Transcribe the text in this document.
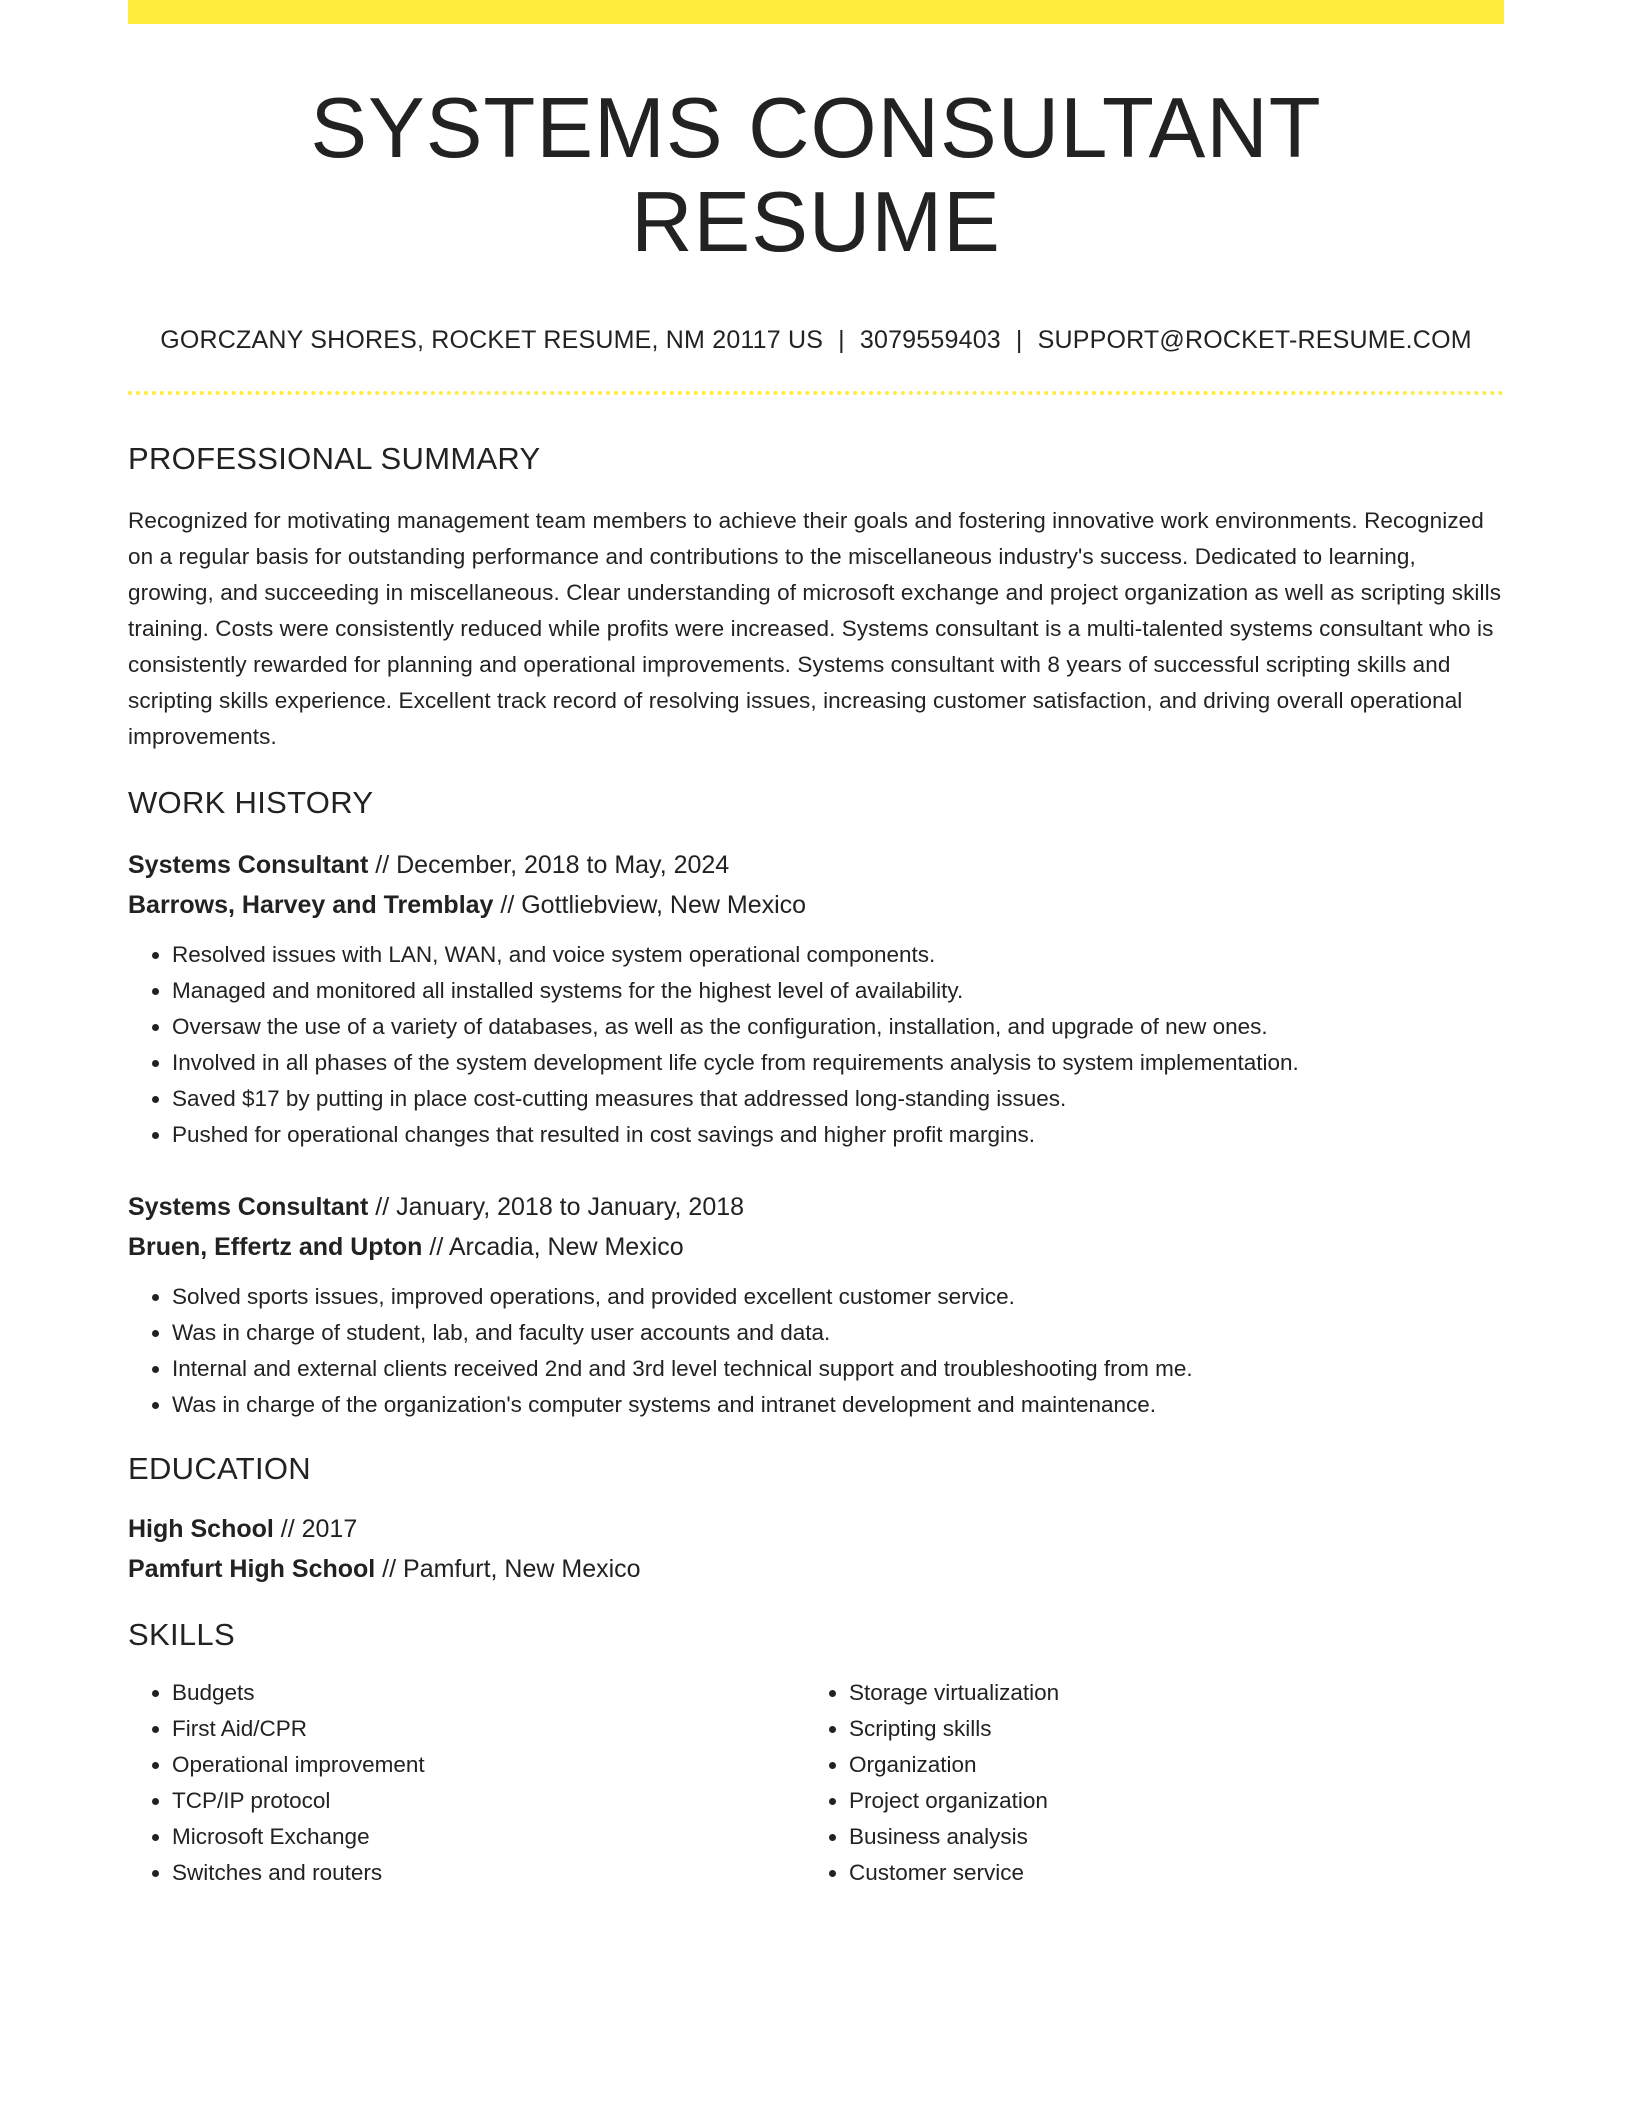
SYSTEMS CONSULTANT RESUME
GORCZANY SHORES, ROCKET RESUME, NM 20117 US | 3079559403 | SUPPORT@ROCKET-RESUME.COM
PROFESSIONAL SUMMARY
Recognized for motivating management team members to achieve their goals and fostering innovative work environments. Recognized on a regular basis for outstanding performance and contributions to the miscellaneous industry's success. Dedicated to learning, growing, and succeeding in miscellaneous. Clear understanding of microsoft exchange and project organization as well as scripting skills training. Costs were consistently reduced while profits were increased. Systems consultant is a multi-talented systems consultant who is consistently rewarded for planning and operational improvements. Systems consultant with 8 years of successful scripting skills and scripting skills experience. Excellent track record of resolving issues, increasing customer satisfaction, and driving overall operational improvements.
WORK HISTORY
Systems Consultant // December, 2018 to May, 2024
Barrows, Harvey and Tremblay // Gottliebview, New Mexico
• Resolved issues with LAN, WAN, and voice system operational components.
• Managed and monitored all installed systems for the highest level of availability.
• Oversaw the use of a variety of databases, as well as the configuration, installation, and upgrade of new ones.
• Involved in all phases of the system development life cycle from requirements analysis to system implementation.
• Saved $17 by putting in place cost-cutting measures that addressed long-standing issues.
• Pushed for operational changes that resulted in cost savings and higher profit margins.
Systems Consultant // January, 2018 to January, 2018
Bruen, Effertz and Upton // Arcadia, New Mexico
• Solved sports issues, improved operations, and provided excellent customer service.
• Was in charge of student, lab, and faculty user accounts and data.
• Internal and external clients received 2nd and 3rd level technical support and troubleshooting from me.
• Was in charge of the organization's computer systems and intranet development and maintenance.
EDUCATION
High School // 2017
Pamfurt High School // Pamfurt, New Mexico
SKILLS
• Budgets
• First Aid/CPR
• Operational improvement
• TCP/IP protocol
• Microsoft Exchange
• Switches and routers
• Storage virtualization
• Scripting skills
• Organization
• Project organization
• Business analysis
• Customer service
